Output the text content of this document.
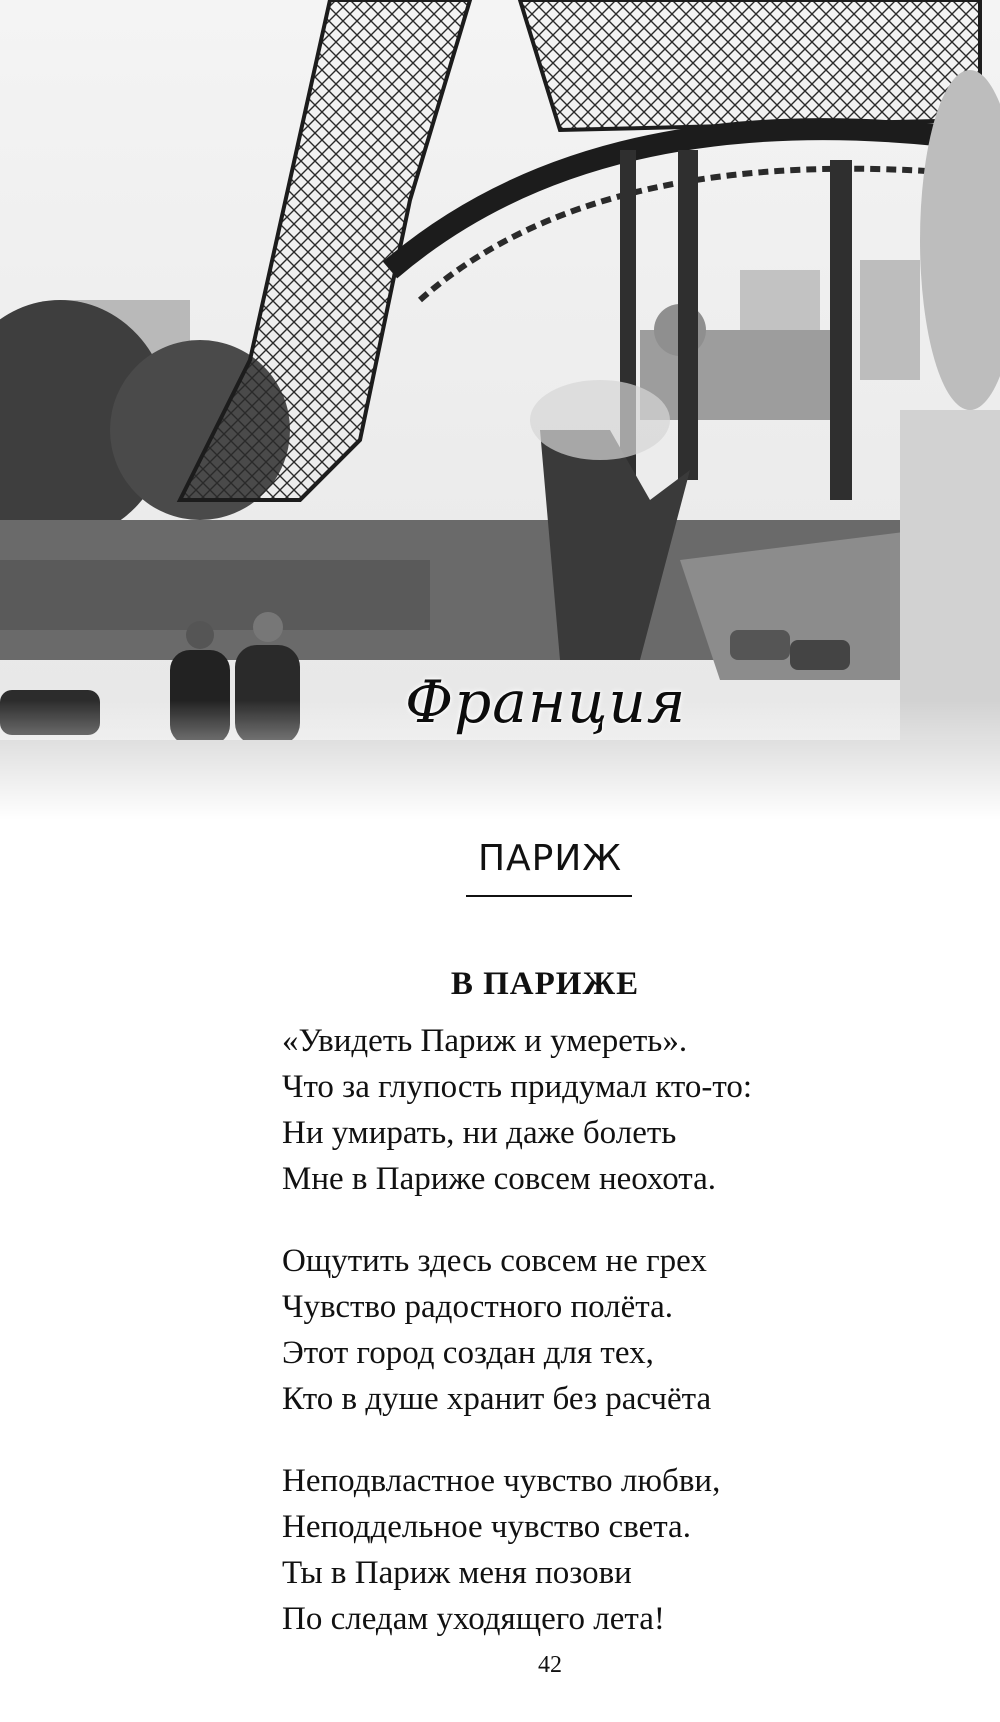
Франция
ПАРИЖ
В ПАРИЖЕ
«Увидеть Париж и умереть».
Что за глупость придумал кто-то:
Ни умирать, ни даже болеть
Мне в Париже совсем неохота.
Ощутить здесь совсем не грех
Чувство радостного полёта.
Этот город создан для тех,
Кто в душе хранит без расчёта
Неподвластное чувство любви,
Неподдельное чувство света.
Ты в Париж меня позови
По следам уходящего лета!
42
